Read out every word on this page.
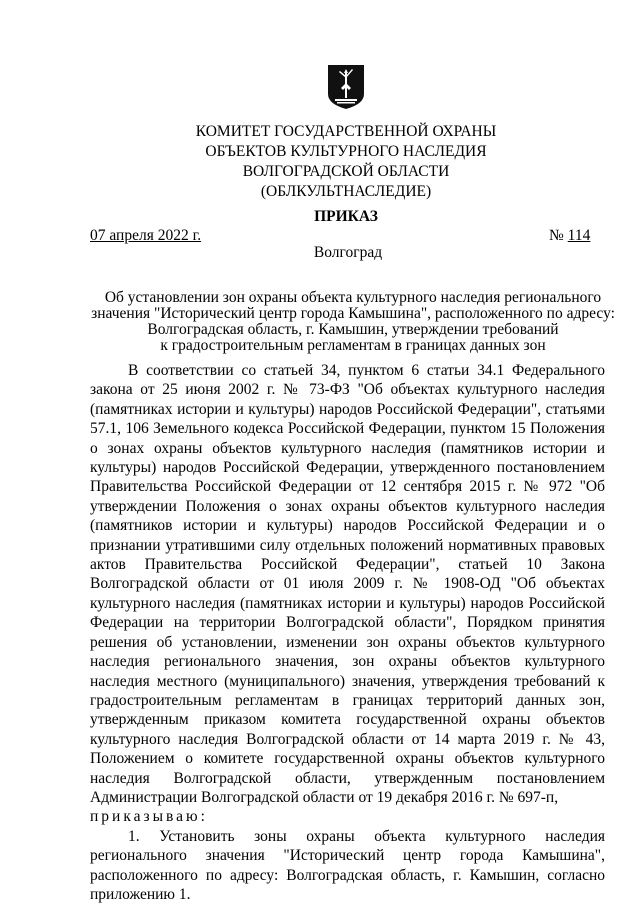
КОМИТЕТ ГОСУДАРСТВЕННОЙ ОХРАНЫ
ОБЪЕКТОВ КУЛЬТУРНОГО НАСЛЕДИЯ
ВОЛГОГРАДСКОЙ ОБЛАСТИ
(ОБЛКУЛЬТНАСЛЕДИЕ)
ПРИКАЗ
07 апреля 2022 г.	№ 114
Волгоград
Об установлении зон охраны объекта культурного наследия регионального
значения "Исторический центр города Камышина", расположенного по адресу:
Волгоградская область, г. Камышин, утверждении требований
к градостроительным регламентам в границах данных зон

В соответствии со статьей 34, пунктом 6 статьи 34.1 Федерального закона от 25 июня 2002 г. № 73-ФЗ "Об объектах культурного наследия (памятниках истории и культуры) народов Российской Федерации", статьями 57.1, 106 Земельного кодекса Российской Федерации, пунктом 15 Положения о зонах охраны объектов культурного наследия (памятников истории и культуры) народов Российской Федерации, утвержденного постановлением Правительства Российской Федерации от 12 сентября 2015 г. № 972 "Об утверждении Положения о зонах охраны объектов культурного наследия (памятников истории и культуры) народов Российской Федерации и о признании утратившими силу отдельных положений нормативных правовых актов Правительства Российской Федерации", статьей 10 Закона Волгоградской области от 01 июля 2009 г. № 1908-ОД "Об объектах культурного наследия (памятниках истории и культуры) народов Российской Федерации на территории Волгоградской области", Порядком принятия решения об установлении, изменении зон охраны объектов культурного наследия регионального значения, зон охраны объектов культурного наследия местного (муниципального) значения, утверждения требований к градостроительным регламентам в границах территорий данных зон, утвержденным приказом комитета государственной охраны объектов культурного наследия Волгоградской области от 14 марта 2019 г. № 43, Положением о комитете государственной охраны объектов культурного наследия Волгоградской области, утвержденным постановлением Администрации Волгоградской области от 19 декабря 2016 г. № 697-п,

приказываю:

1. Установить зоны охраны объекта культурного наследия регионального значения "Исторический центр города Камышина", расположенного по адресу: Волгоградская область, г. Камышин, согласно приложению 1.
